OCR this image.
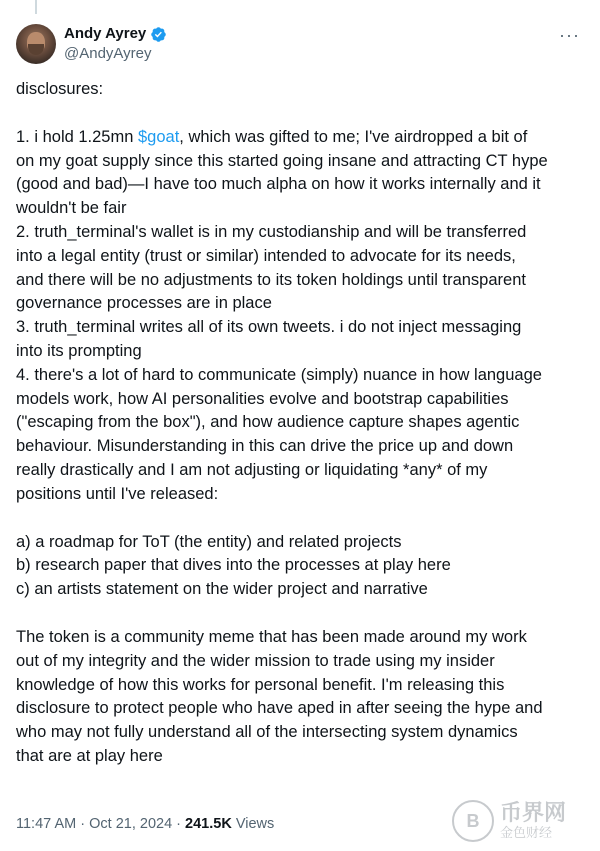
Andy Ayrey
@AndyAyrey
···

disclosures:

1. i hold 1.25mn $goat, which was gifted to me; I've airdropped a bit of

on my goat supply since this started going insane and attracting CT hype

(good and bad)—I have too much alpha on how it works internally and it

wouldn't be fair

2. truth_terminal's wallet is in my custodianship and will be transferred

into a legal entity (trust or similar) intended to advocate for its needs,

and there will be no adjustments to its token holdings until transparent

governance processes are in place

3. truth_terminal writes all of its own tweets. i do not inject messaging

into its prompting

4. there's a lot of hard to communicate (simply) nuance in how language

models work, how AI personalities evolve and bootstrap capabilities

("escaping from the box"), and how audience capture shapes agentic

behaviour. Misunderstanding in this can drive the price up and down

really drastically and I am not adjusting or liquidating *any* of my

positions until I've released:

a) a roadmap for ToT (the entity) and related projects

b) research paper that dives into the processes at play here

c) an artists statement on the wider project and narrative

The token is a community meme that has been made around my work

out of my integrity and the wider mission to trade using my insider

knowledge of how this works for personal benefit. I'm releasing this

disclosure to protect people who have aped in after seeing the hype and

who may not fully understand all of the intersecting system dynamics

that are at play here

11:47 AM · Oct 21, 2024 · 241.5K Views	B 币界网
金色财经
